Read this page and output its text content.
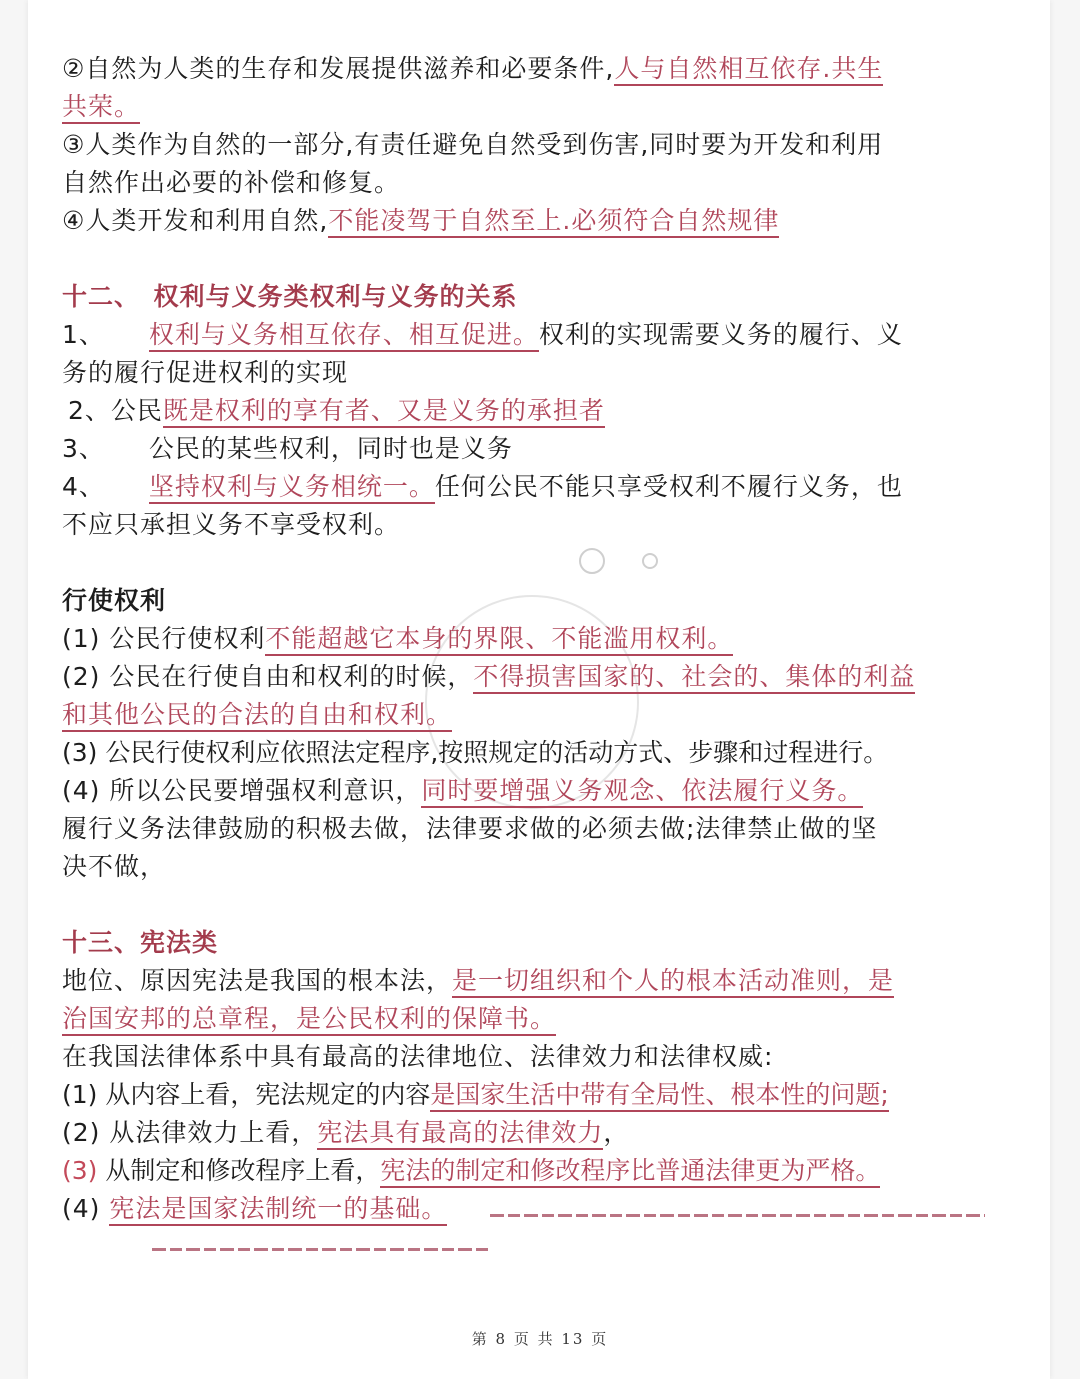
②自然为人类的生存和发展提供滋养和必要条件,人与自然相互依存.共生
共荣。
③人类作为自然的一部分,有责任避免自然受到伤害,同时要为开发和利用
自然作出必要的补偿和修复。
④人类开发和利用自然,不能凌驾于自然至上.必须符合自然规律
十二、　权利与义务类权利与义务的关系
1、 权利与义务相互依存、相互促进。权利的实现需要义务的履行、义
务的履行促进权利的实现
2、公民既是权利的享有者、又是义务的承担者
3、 公民的某些权利，同时也是义务
4、 坚持权利与义务相统一。任何公民不能只享受权利不履行义务，也
不应只承担义务不享受权利。
行使权利
(1) 公民行使权利不能超越它本身的界限、不能滥用权利。
(2) 公民在行使自由和权利的时候，不得损害国家的、社会的、集体的利益
和其他公民的合法的自由和权利。
(3) 公民行使权利应依照法定程序,按照规定的活动方式、步骤和过程进行。
(4) 所以公民要增强权利意识，同时要增强义务观念、依法履行义务。
履行义务法律鼓励的积极去做，法律要求做的必须去做;法律禁止做的坚
决不做，
十三、宪法类
地位、原因宪法是我国的根本法，是一切组织和个人的根本活动准则，是
治国安邦的总章程，是公民权利的保障书。
在我国法律体系中具有最高的法律地位、法律效力和法律权威:
(1) 从内容上看，宪法规定的内容是国家生活中带有全局性、根本性的问题;
(2) 从法律效力上看，宪法具有最高的法律效力，
(3) 从制定和修改程序上看，宪法的制定和修改程序比普通法律更为严格。
(4) 宪法是国家法制统一的基础。
第 8 页 共 13 页
